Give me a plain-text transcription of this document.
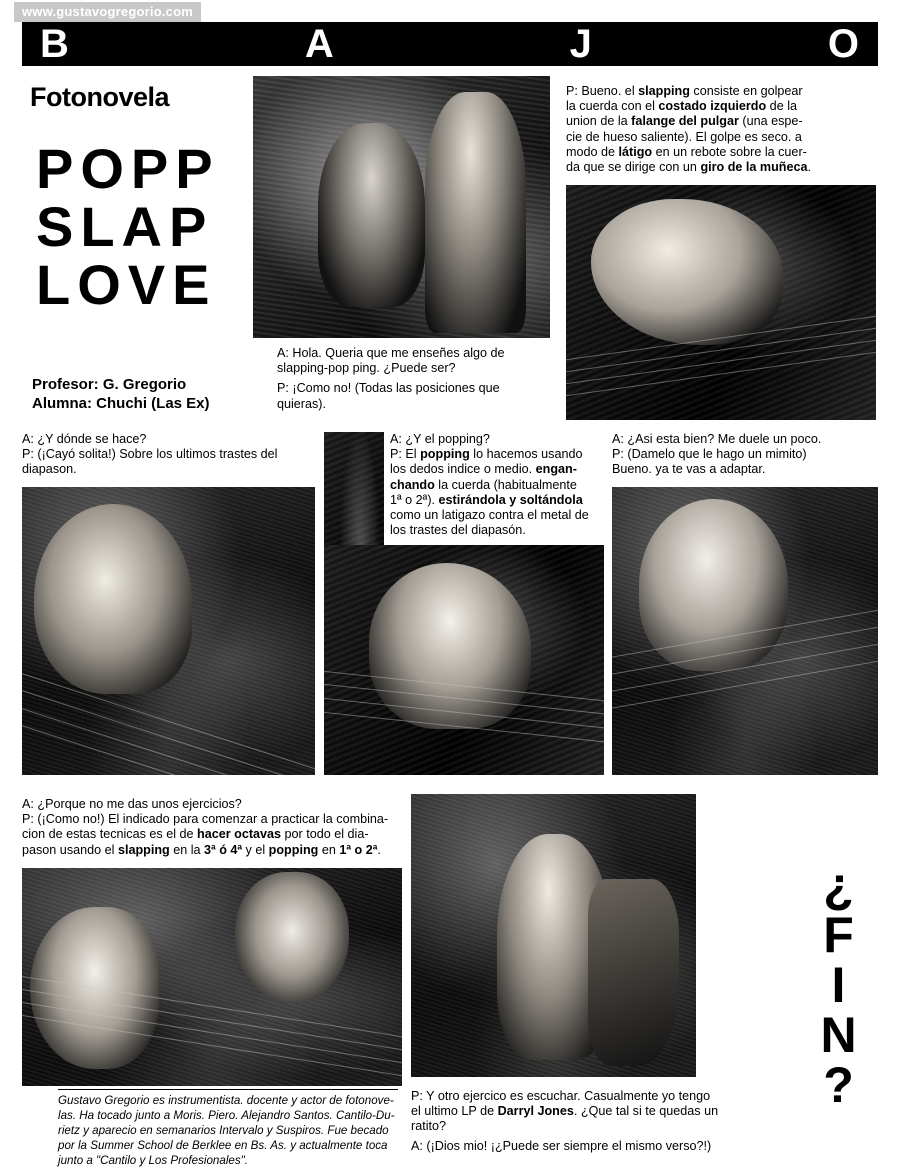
www.gustavogregorio.com
B	A	J	O
Fotonovela
POPP
SLAP
LOVE
Profesor: G. Gregorio
Alumna: Chuchi (Las Ex)
A: Hola. Queria que me enseñes algo de
slapping-pop ping. ¿Puede ser?
P: ¡Como no! (Todas las posiciones que quieras).
P: Bueno. el slapping consiste en golpear
la cuerda con el costado izquierdo de la
union de la falange del pulgar (una espe-
cie de hueso saliente). El golpe es seco. a
modo de látigo en un rebote sobre la cuer-
da que se dirige con un giro de la muñeca.
A: ¿Y dónde se hace?
P: (¡Cayó solita!) Sobre los ultimos trastes del
diapason.
A: ¿Y el popping?
P: El popping lo hacemos usando
los dedos indice o medio. engan-
chando la cuerda (habitualmente
1ª o 2ª). estirándola y soltándola
como un latigazo contra el metal de
los trastes del diapasón.
A: ¿Asi esta bien? Me duele un poco.
P: (Damelo que le hago un mimito)
Bueno. ya te vas a adaptar.
A: ¿Porque no me das unos ejercicios?
P: (¡Como no!) El indicado para comenzar a practicar la combina-
cion de estas tecnicas es el de hacer octavas por todo el dia-
pason usando el slapping en la 3ª ó 4ª y el popping en 1ª o 2ª.
P: Y otro ejercico es escuchar. Casualmente yo tengo
el ultimo LP de Darryl Jones. ¿Que tal si te quedas un
ratito?
A: (¡Dios mio! ¡¿Puede ser siempre el mismo verso?!)
Gustavo Gregorio es instrumentista. docente y actor de fotonove-
las. Ha tocado junto a Moris. Piero. Alejandro Santos. Cantilo-Du-
rietz y aparecio en semanarios Intervalo y Suspiros. Fue becado
por la Summer School de Berklee en Bs. As. y actualmente toca
junto a "Cantilo y Los Profesionales".
¿
F
I
N
?
